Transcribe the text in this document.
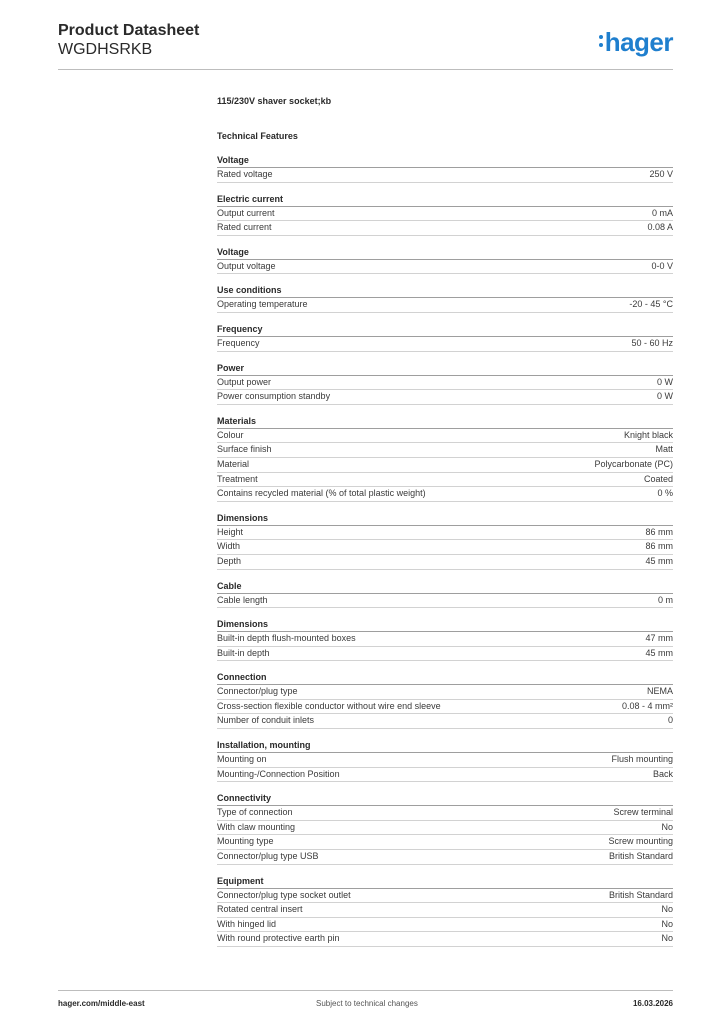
Product Datasheet
WGDHSRKB	hager
115/230V shaver socket;kb
Technical Features
Voltage
Rated voltage	250 V
Electric current
Output current	0 mA
Rated current	0.08 A
Voltage
Output voltage	0-0 V
Use conditions
Operating temperature	-20 - 45 °C
Frequency
Frequency	50 - 60 Hz
Power
Output power	0 W
Power consumption standby	0 W
Materials
Colour	Knight black
Surface finish	Matt
Material	Polycarbonate (PC)
Treatment	Coated
Contains recycled material (% of total plastic weight)	0 %
Dimensions
Height	86 mm
Width	86 mm
Depth	45 mm
Cable
Cable length	0 m
Dimensions
Built-in depth flush-mounted boxes	47 mm
Built-in depth	45 mm
Connection
Connector/plug type	NEMA
Cross-section flexible conductor without wire end sleeve	0.08 - 4 mm²
Number of conduit inlets	0
Installation, mounting
Mounting on	Flush mounting
Mounting-/Connection Position	Back
Connectivity
Type of connection	Screw terminal
With claw mounting	No
Mounting type	Screw mounting
Connector/plug type USB	British Standard
Equipment
Connector/plug type socket outlet	British Standard
Rotated central insert	No
With hinged lid	No
With round protective earth pin	No
hager.com/middle-east	Subject to technical changes	16.03.2026
